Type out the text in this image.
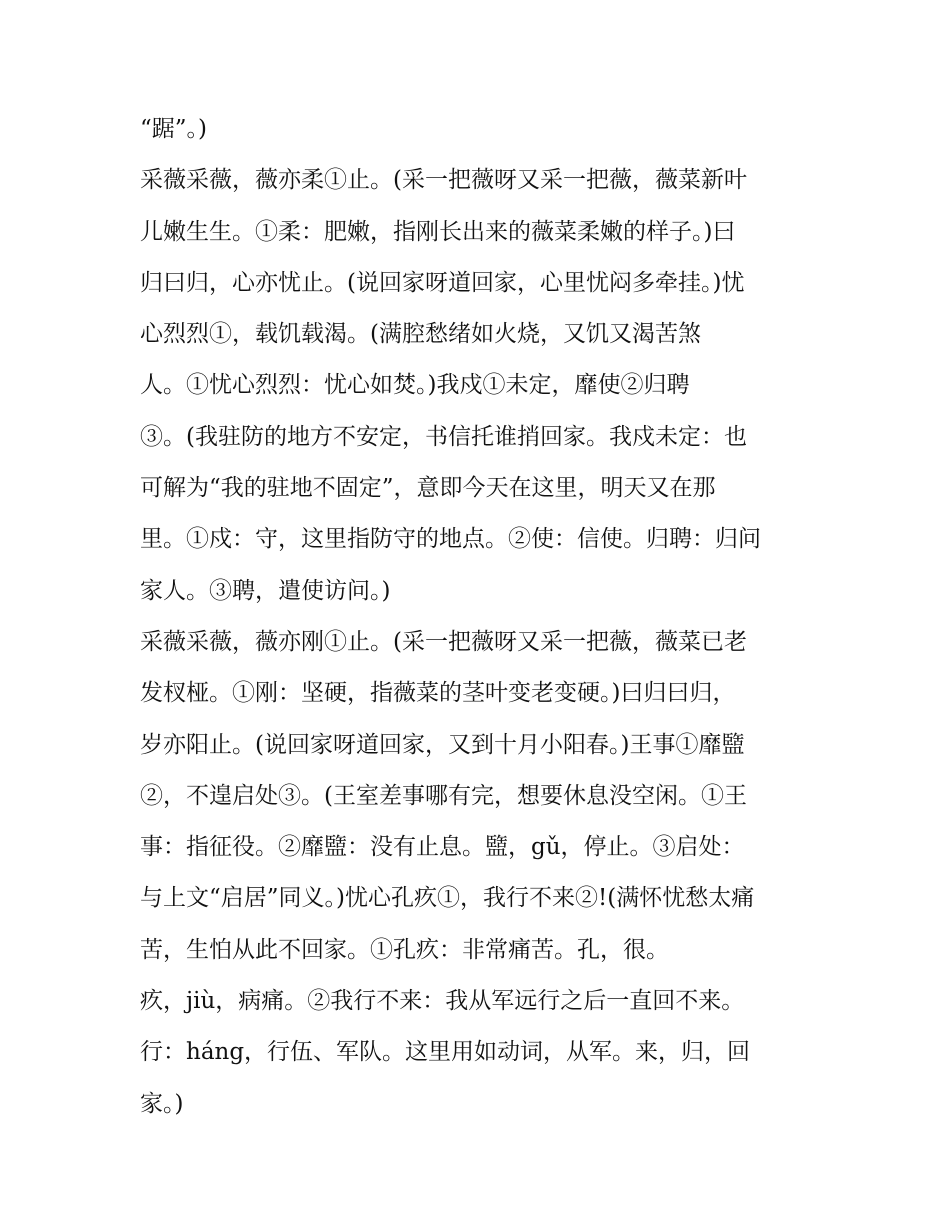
“踞”。)
采薇采薇，薇亦柔①止。(采一把薇呀又采一把薇，薇菜新叶
儿嫩生生。①柔：肥嫩，指刚长出来的薇菜柔嫩的样子。)曰
归曰归，心亦忧止。(说回家呀道回家，心里忧闷多牵挂。)忧
心烈烈①，载饥载渴。(满腔愁绪如火烧，又饥又渴苦煞
人。①忧心烈烈：忧心如焚。)我戍①未定，靡使②归聘
③。(我驻防的地方不安定，书信托谁捎回家。我戍未定：也
可解为“我的驻地不固定”，意即今天在这里，明天又在那
里。①戍：守，这里指防守的地点。②使：信使。归聘：归问
家人。③聘，遣使访问。)
采薇采薇，薇亦刚①止。(采一把薇呀又采一把薇，薇菜已老
发杈桠。①刚：坚硬，指薇菜的茎叶变老变硬。)曰归曰归，
岁亦阳止。(说回家呀道回家，又到十月小阳春。)王事①靡盬
②，不遑启处③。(王室差事哪有完，想要休息没空闲。①王
事：指征役。②靡盬：没有止息。盬，gǔ，停止。③启处：
与上文“启居”同义。)忧心孔疚①，我行不来②!(满怀忧愁太痛
苦，生怕从此不回家。①孔疚：非常痛苦。孔，很。
疚，jiù，病痛。②我行不来：我从军远行之后一直回不来。
行：háng，行伍、军队。这里用如动词，从军。来，归，回
家。)
